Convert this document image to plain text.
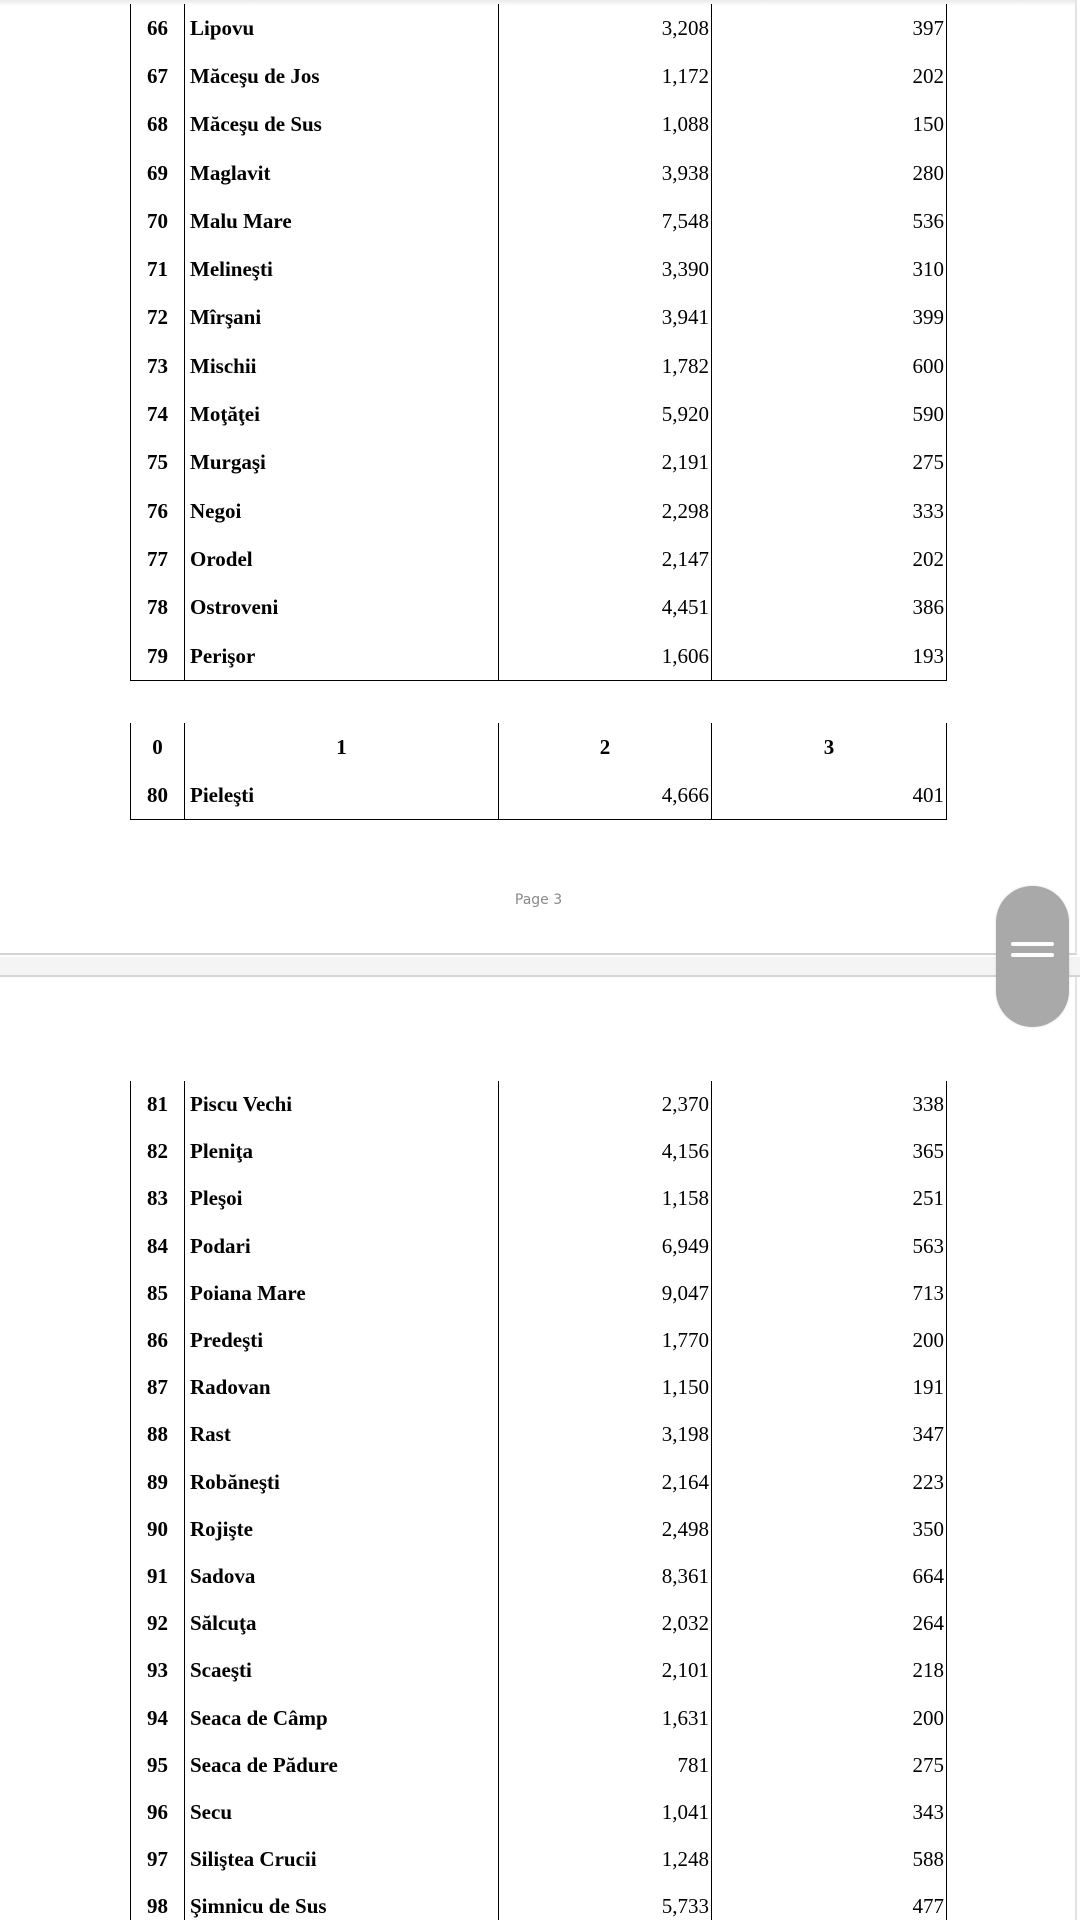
66	Lipovu	3,208	397
67	Măceşu de Jos	1,172	202
68	Măceşu de Sus	1,088	150
69	Maglavit	3,938	280
70	Malu Mare	7,548	536
71	Melineşti	3,390	310
72	Mîrşani	3,941	399
73	Mischii	1,782	600
74	Moţăţei	5,920	590
75	Murgaşi	2,191	275
76	Negoi	2,298	333
77	Orodel	2,147	202
78	Ostroveni	4,451	386
79	Perişor	1,606	193
0	1	2	3
80	Pieleşti	4,666	401
Page 3
81	Piscu Vechi	2,370	338
82	Pleniţa	4,156	365
83	Pleşoi	1,158	251
84	Podari	6,949	563
85	Poiana Mare	9,047	713
86	Predeşti	1,770	200
87	Radovan	1,150	191
88	Rast	3,198	347
89	Robăneşti	2,164	223
90	Rojişte	2,498	350
91	Sadova	8,361	664
92	Sălcuţa	2,032	264
93	Scaeşti	2,101	218
94	Seaca de Câmp	1,631	200
95	Seaca de Pădure	781	275
96	Secu	1,041	343
97	Siliştea Crucii	1,248	588
98	Şimnicu de Sus	5,733	477
